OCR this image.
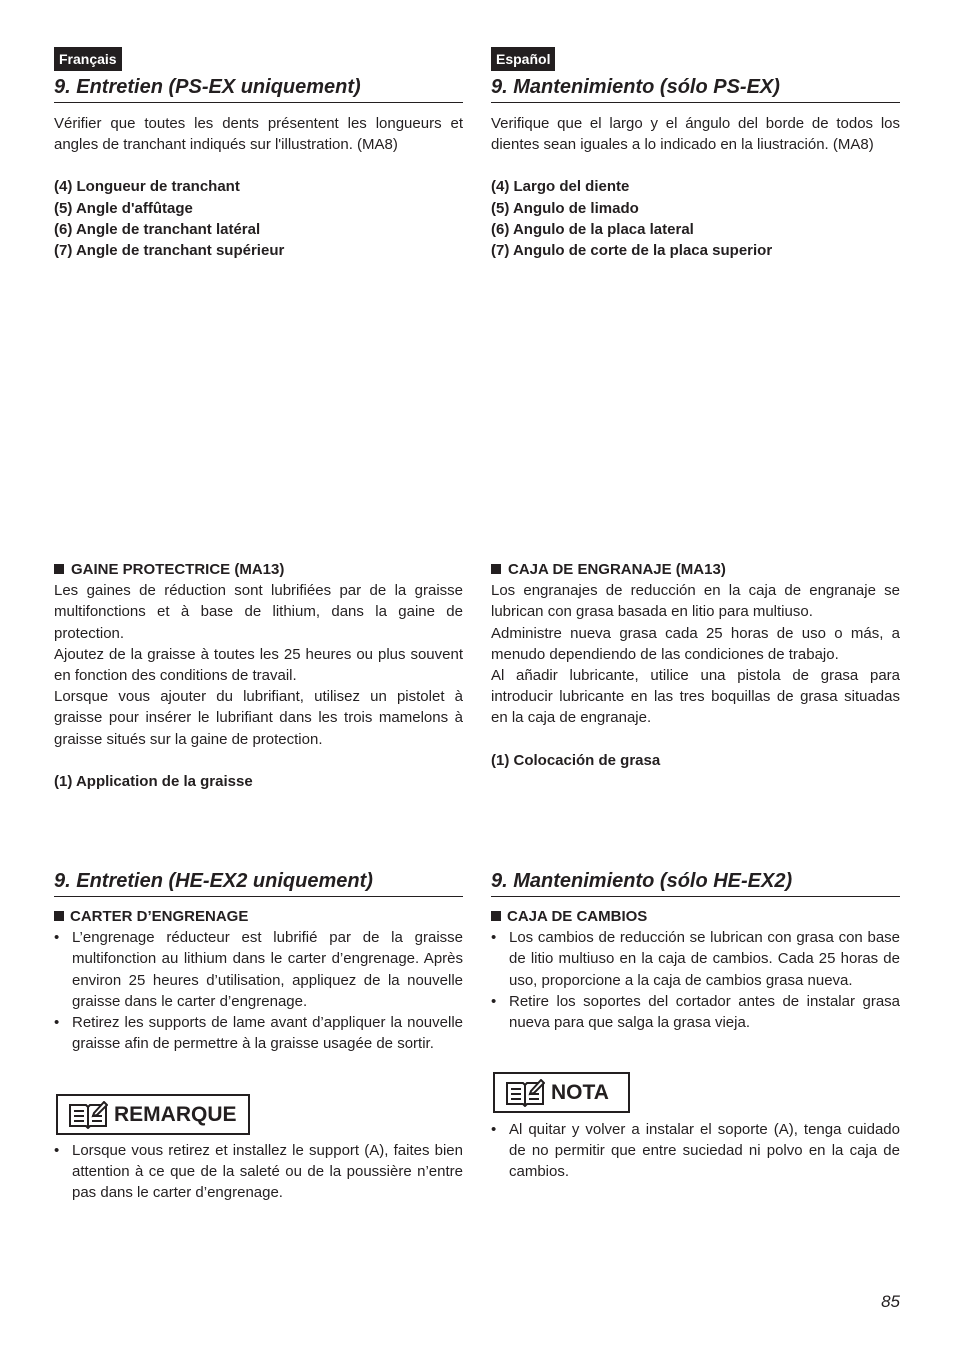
Français	Español
9. Entretien (PS-EX uniquement)	9. Mantenimiento (sólo PS-EX)

Vérifier que toutes les dents présentent les longueurs et angles de tranchant indiqués sur l'illustration. (MA8)

(4) Longueur de tranchant

(5) Angle d'affûtage

(6) Angle de tranchant latéral

(7) Angle de tranchant supérieur

Verifique que el largo y el ángulo del borde de todos los dientes sean iguales a lo indicado en la liustración. (MA8)

(4) Largo del diente

(5) Angulo de limado

(6) Angulo de la placa lateral

(7) Angulo de corte de la placa superior

GAINE PROTECTRICE (MA13)

Les gaines de réduction sont lubrifiées par de la graisse multifonctions et à base de lithium, dans la gaine de protection.

Ajoutez de la graisse à toutes les 25 heures ou plus souvent en fonction des conditions de travail.

Lorsque vous ajouter du lubrifiant, utilisez un pistolet à graisse pour insérer le lubrifiant dans les trois mamelons à graisse situés sur la gaine de protection.

(1) Application de la graisse

CAJA DE ENGRANAJE (MA13)

Los engranajes de reducción en la caja de engranaje se lubrican con grasa basada en litio para multiuso.

Administre nueva grasa cada 25 horas de uso o más, a menudo dependiendo de las condiciones de trabajo.

Al añadir lubricante, utilice una pistola de grasa para introducir lubricante en las tres boquillas de grasa situadas en la caja de engranaje.

(1) Colocación de grasa

9. Entretien (HE-EX2 uniquement)	9. Mantenimiento (sólo HE-EX2)

CARTER D’ENGRENAGE

• L’engrenage réducteur est lubrifié par de la graisse multifonction au lithium dans le carter d’engrenage. Après environ 25 heures d’utilisation, appliquez de la nouvelle graisse dans le carter d’engrenage.
• Retirez les supports de lame avant d’appliquer la nouvelle graisse afin de permettre à la graisse usagée de sortir.
REMARQUE
• Lorsque vous retirez et installez le support (A), faites bien attention à ce que de la saleté ou de la poussière n’entre pas dans le carter d’engrenage.

CAJA DE CAMBIOS

• Los cambios de reducción se lubrican con grasa con base de litio multiuso en la caja de cambios. Cada 25 horas de uso, proporcione a la caja de cambios grasa nueva.
• Retire los soportes del cortador antes de instalar grasa nueva para que salga la grasa vieja.
NOTA
• Al quitar y volver a instalar el soporte (A), tenga cuidado de no permitir que entre suciedad ni polvo en la caja de cambios.
85
